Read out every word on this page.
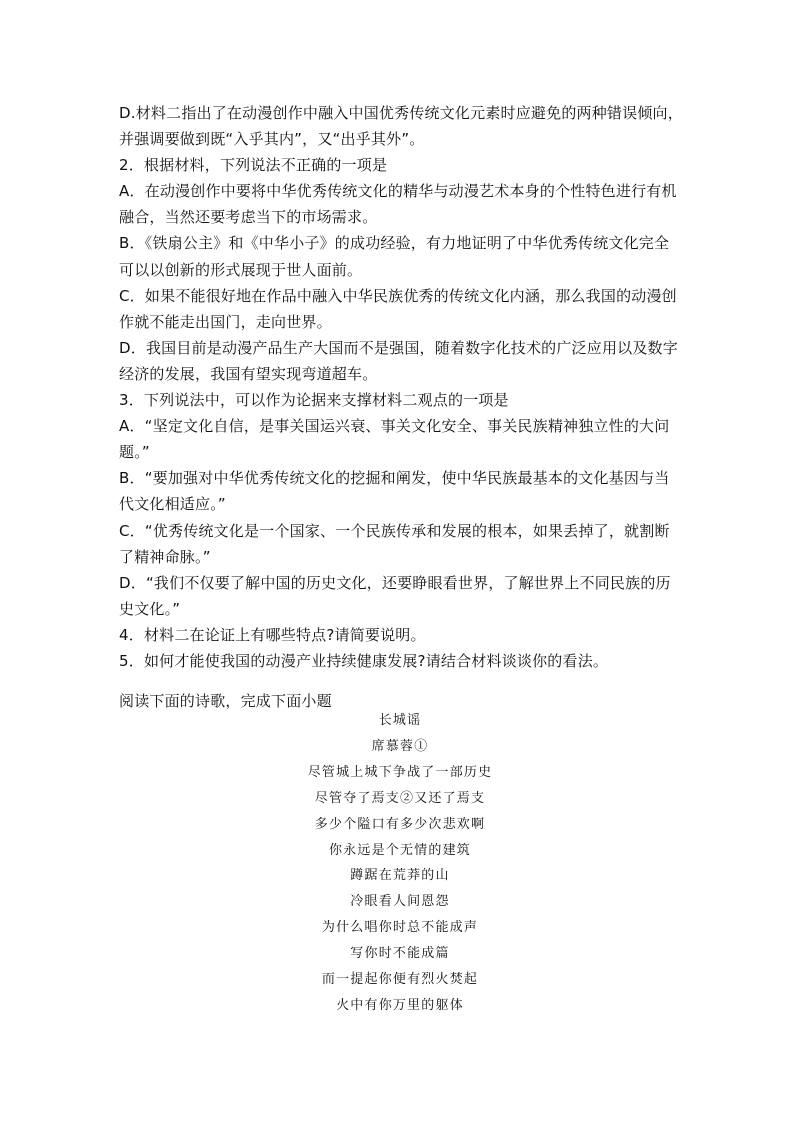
D.材料二指出了在动漫创作中融入中国优秀传统文化元素时应避免的两种错误倾向，

并强调要做到既“入乎其内”，又“出乎其外”。

2．根据材料，下列说法不正确的一项是

A．在动漫创作中要将中华优秀传统文化的精华与动漫艺术本身的个性特色进行有机

融合，当然还要考虑当下的市场需求。

B．《铁扇公主》和《中华小子》的成功经验，有力地证明了中华优秀传统文化完全

可以以创新的形式展现于世人面前。

C．如果不能很好地在作品中融入中华民族优秀的传统文化内涵，那么我国的动漫创

作就不能走出国门，走向世界。

D．我国目前是动漫产品生产大国而不是强国，随着数字化技术的广泛应用以及数字

经济的发展，我国有望实现弯道超车。

3．下列说法中，可以作为论据来支撑材料二观点的一项是

A．“坚定文化自信，是事关国运兴衰、事关文化安全、事关民族精神独立性的大问

题。”

B．“要加强对中华优秀传统文化的挖掘和阐发，使中华民族最基本的文化基因与当

代文化相适应。”

C．“优秀传统文化是一个国家、一个民族传承和发展的根本，如果丢掉了，就割断

了精神命脉。”

D．“我们不仅要了解中国的历史文化，还要睁眼看世界，了解世界上不同民族的历

史文化。”

4．材料二在论证上有哪些特点?请简要说明。

5．如何才能使我国的动漫产业持续健康发展?请结合材料谈谈你的看法。

阅读下面的诗歌，完成下面小题

长城谣

席慕蓉①

尽管城上城下争战了一部历史

尽管夺了焉支②又还了焉支

多少个隘口有多少次悲欢啊

你永远是个无情的建筑

蹲踞在荒莽的山

冷眼看人间恩怨

为什么唱你时总不能成声

写你时不能成篇

而一提起你便有烈火焚起

火中有你万里的躯体
